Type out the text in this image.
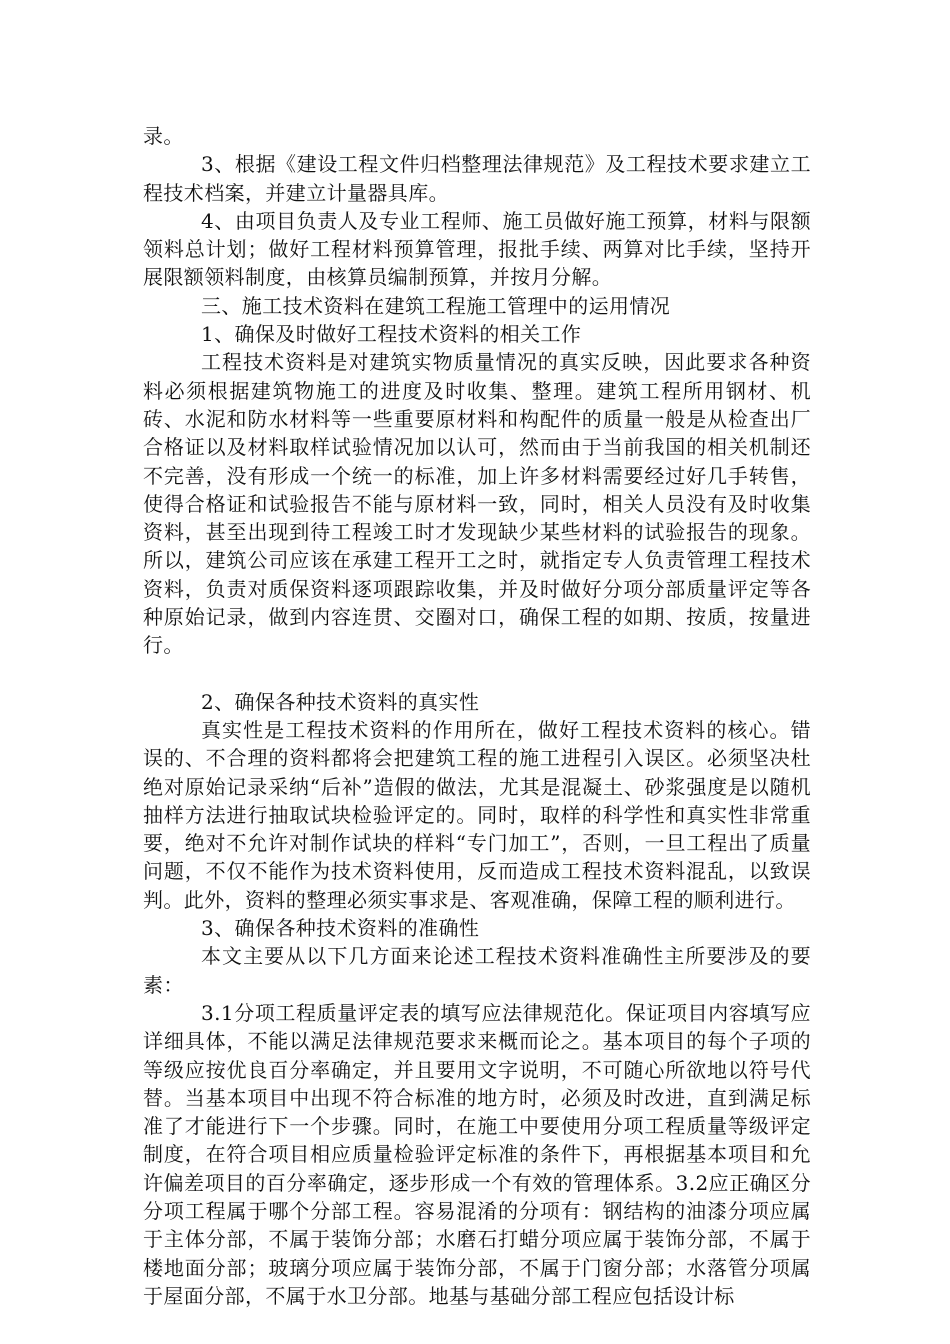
录。

3、根据《建设工程文件归档整理法律规范》及工程技术要求建立工程技术档案，并建立计量器具库。

4、由项目负责人及专业工程师、施工员做好施工预算，材料与限额领料总计划；做好工程材料预算管理，报批手续、两算对比手续，坚持开展限额领料制度，由核算员编制预算，并按月分解。

三、施工技术资料在建筑工程施工管理中的运用情况

1、确保及时做好工程技术资料的相关工作

工程技术资料是对建筑实物质量情况的真实反映，因此要求各种资料必须根据建筑物施工的进度及时收集、整理。建筑工程所用钢材、机砖、水泥和防水材料等一些重要原材料和构配件的质量一般是从检查出厂合格证以及材料取样试验情况加以认可，然而由于当前我国的相关机制还不完善，没有形成一个统一的标准，加上许多材料需要经过好几手转售，使得合格证和试验报告不能与原材料一致，同时，相关人员没有及时收集资料，甚至出现到待工程竣工时才发现缺少某些材料的试验报告的现象。所以，建筑公司应该在承建工程开工之时，就指定专人负责管理工程技术资料，负责对质保资料逐项跟踪收集，并及时做好分项分部质量评定等各种原始记录，做到内容连贯、交圈对口，确保工程的如期、按质，按量进行。

2、确保各种技术资料的真实性

真实性是工程技术资料的作用所在，做好工程技术资料的核心。错误的、不合理的资料都将会把建筑工程的施工进程引入误区。必须坚决杜绝对原始记录采纳“后补”造假的做法，尤其是混凝土、砂浆强度是以随机抽样方法进行抽取试块检验评定的。同时，取样的科学性和真实性非常重要，绝对不允许对制作试块的样料“专门加工”，否则，一旦工程出了质量问题，不仅不能作为技术资料使用，反而造成工程技术资料混乱，以致误判。此外，资料的整理必须实事求是、客观准确，保障工程的顺利进行。

3、确保各种技术资料的准确性

本文主要从以下几方面来论述工程技术资料准确性主所要涉及的要素：

3.1分项工程质量评定表的填写应法律规范化。保证项目内容填写应详细具体，不能以满足法律规范要求来概而论之。基本项目的每个子项的等级应按优良百分率确定，并且要用文字说明，不可随心所欲地以符号代替。当基本项目中出现不符合标准的地方时，必须及时改进，直到满足标准了才能进行下一个步骤。同时，在施工中要使用分项工程质量等级评定制度，在符合项目相应质量检验评定标准的条件下，再根据基本项目和允许偏差项目的百分率确定，逐步形成一个有效的管理体系。3.2应正确区分分项工程属于哪个分部工程。容易混淆的分项有：钢结构的油漆分项应属于主体分部，不属于装饰分部；水磨石打蜡分项应属于装饰分部，不属于楼地面分部；玻璃分项应属于装饰分部，不属于门窗分部；水落管分项属于屋面分部，不属于水卫分部。地基与基础分部工程应包括设计标
